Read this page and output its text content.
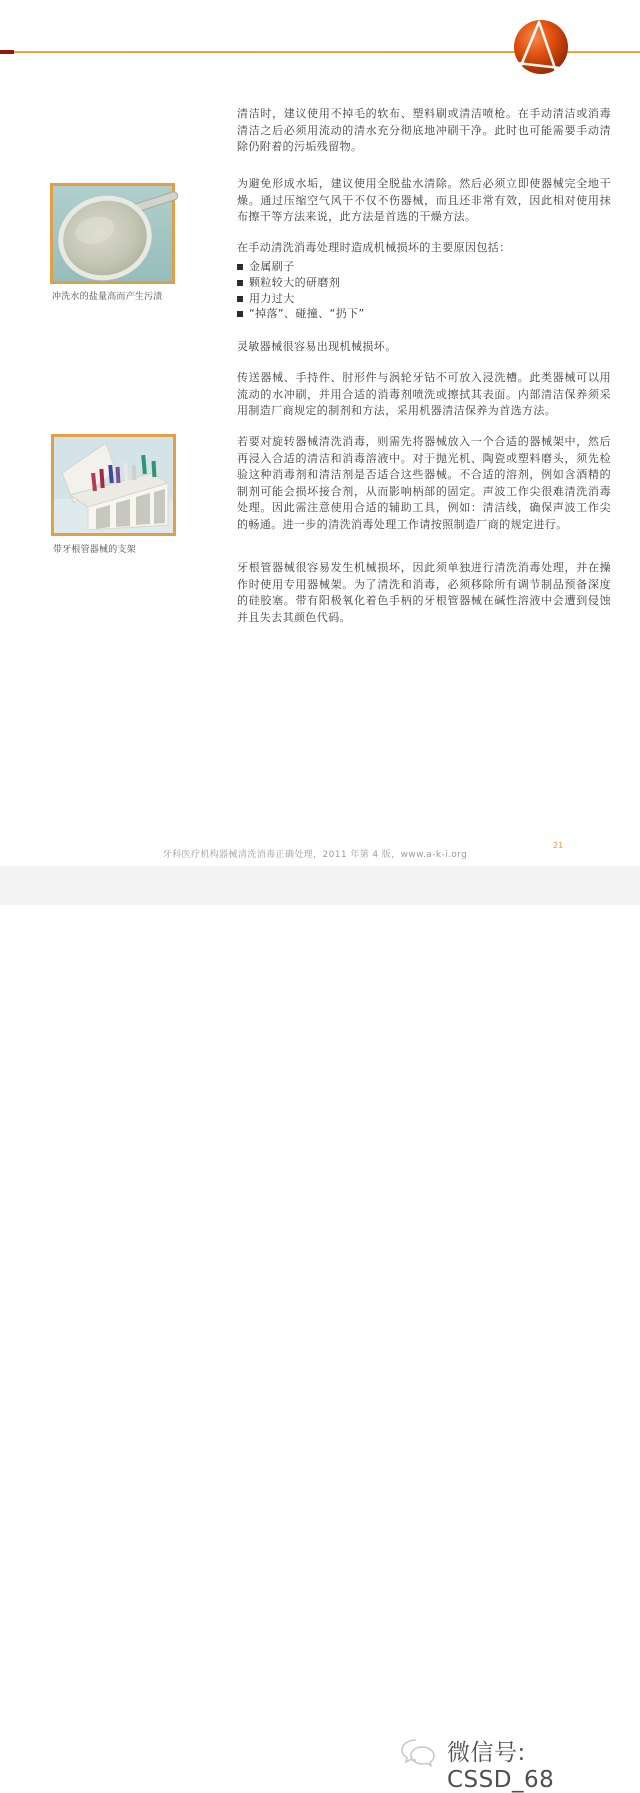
冲洗水的盐量高而产生污渍
带牙根管器械的支架
清洁时，建议使用不掉毛的软布、塑料刷或清洁喷枪。在手动清洁或消毒清洁之后必须用流动的清水充分彻底地冲刷干净。此时也可能需要手动清除仍附着的污垢残留物。
为避免形成水垢，建议使用全脱盐水清除。然后必须立即使器械完全地干燥。通过压缩空气风干不仅不伤器械，而且还非常有效，因此相对使用抹布擦干等方法来说，此方法是首选的干燥方法。
在手动清洗消毒处理时造成机械损坏的主要原因包括：
金属刷子
颗粒较大的研磨剂
用力过大
“掉落”、碰撞、“扔下”
灵敏器械很容易出现机械损坏。
传送器械、手持件、肘形件与涡轮牙钻不可放入浸洗槽。此类器械可以用流动的水冲刷，并用合适的消毒剂喷洗或擦拭其表面。内部清洁保养须采用制造厂商规定的制剂和方法，采用机器清洁保养为首选方法。
若要对旋转器械清洗消毒，则需先将器械放入一个合适的器械架中，然后再浸入合适的清洁和消毒溶液中。对于抛光机、陶瓷或塑料磨头，须先检验这种消毒剂和清洁剂是否适合这些器械。不合适的溶剂，例如含酒精的制剂可能会损坏接合剂，从而影响柄部的固定。声波工作尖很难清洗消毒处理。因此需注意使用合适的辅助工具，例如：清洁线，确保声波工作尖的畅通。进一步的清洗消毒处理工作请按照制造厂商的规定进行。
牙根管器械很容易发生机械损坏，因此须单独进行清洗消毒处理，并在操作时使用专用器械架。为了清洗和消毒，必须移除所有调节制品预备深度的硅胶塞。带有阳极氧化着色手柄的牙根管器械在碱性溶液中会遭到侵蚀并且失去其颜色代码。
牙科医疗机构器械清洗消毒正确处理，2011 年第 4 版，www.a-k-i.org
21
微信号: CSSD_68
